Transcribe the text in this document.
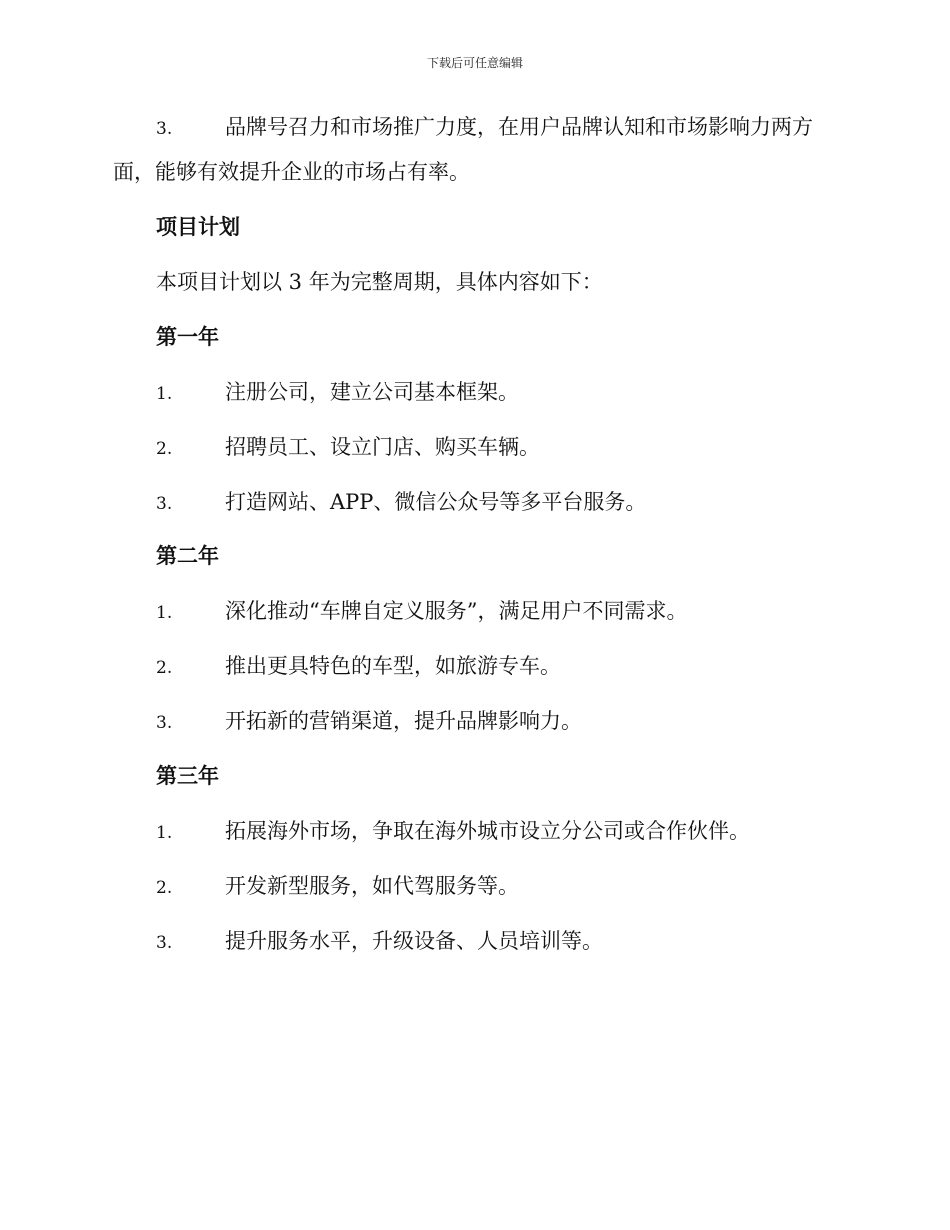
下载后可任意编辑
3.	品牌号召力和市场推广力度，在用户品牌认知和市场影响力两方面，能够有效提升企业的市场占有率。
项目计划
本项目计划以 3 年为完整周期，具体内容如下：
第一年
1.	注册公司，建立公司基本框架。
2.	招聘员工、设立门店、购买车辆。
3.	打造网站、APP、微信公众号等多平台服务。
第二年
1.	深化推动“车牌自定义服务”，满足用户不同需求。
2.	推出更具特色的车型，如旅游专车。
3.	开拓新的营销渠道，提升品牌影响力。
第三年
1.	拓展海外市场，争取在海外城市设立分公司或合作伙伴。
2.	开发新型服务，如代驾服务等。
3.	提升服务水平，升级设备、人员培训等。
